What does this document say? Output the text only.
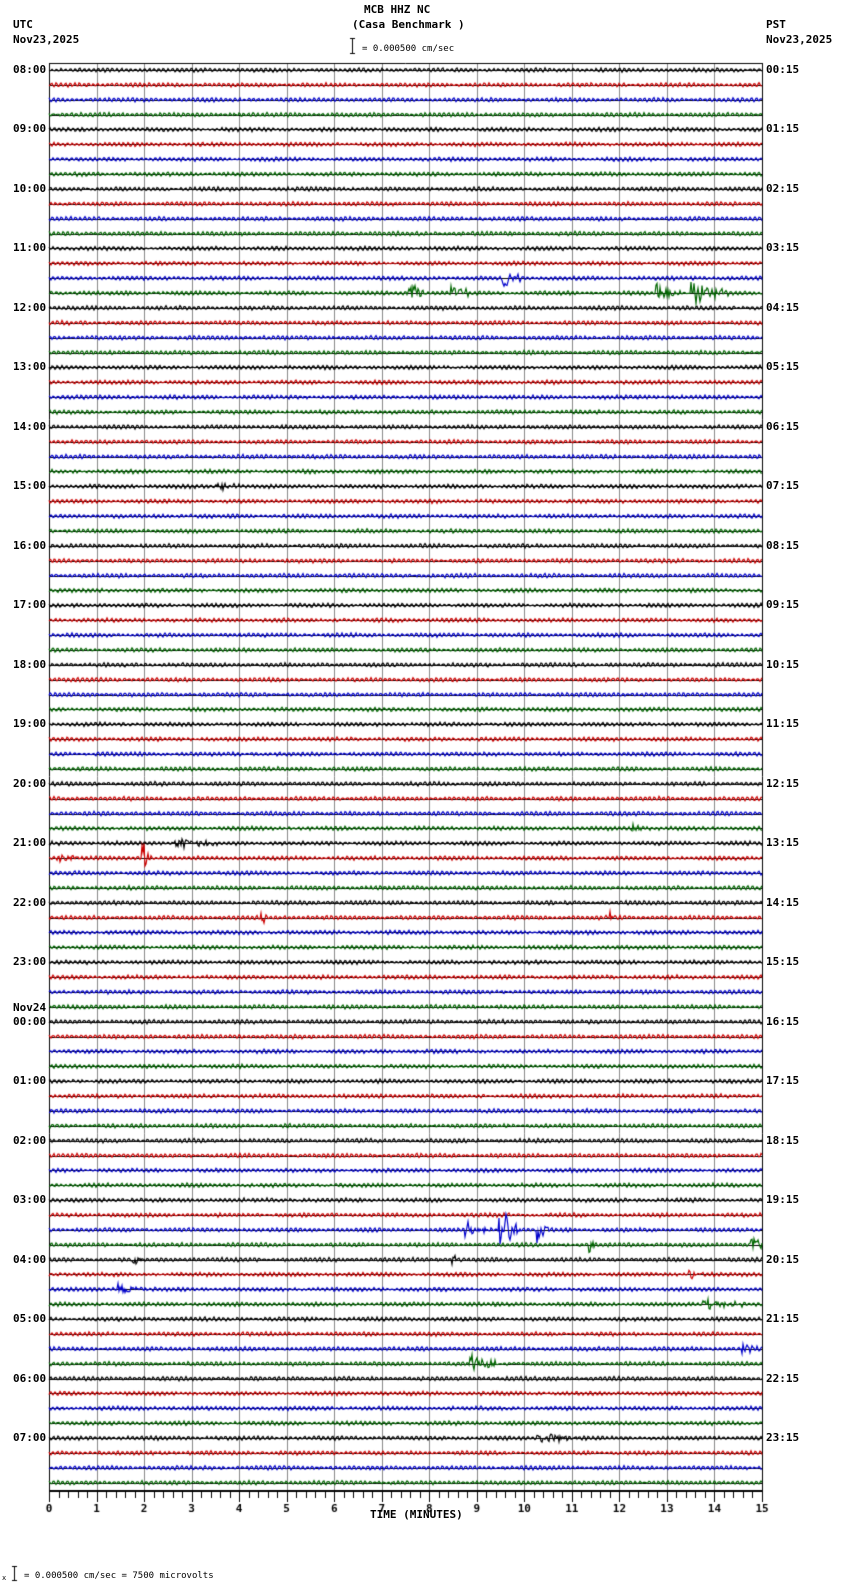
MCB HHZ NC
(Casa Benchmark )
UTC
Nov23,2025
PST
Nov23,2025
= 0.000500 cm/sec
TIME (MINUTES)
x = 0.000500 cm/sec = 7500 microvolts
08:00
09:00
10:00
11:00
12:00
13:00
14:00
15:00
16:00
17:00
18:00
19:00
20:00
21:00
22:00
23:00
00:00
Nov24
01:00
02:00
03:00
04:00
05:00
06:00
07:00
00:15
01:15
02:15
03:15
04:15
05:15
06:15
07:15
08:15
09:15
10:15
11:15
12:15
13:15
14:15
15:15
16:15
17:15
18:15
19:15
20:15
21:15
22:15
23:15
